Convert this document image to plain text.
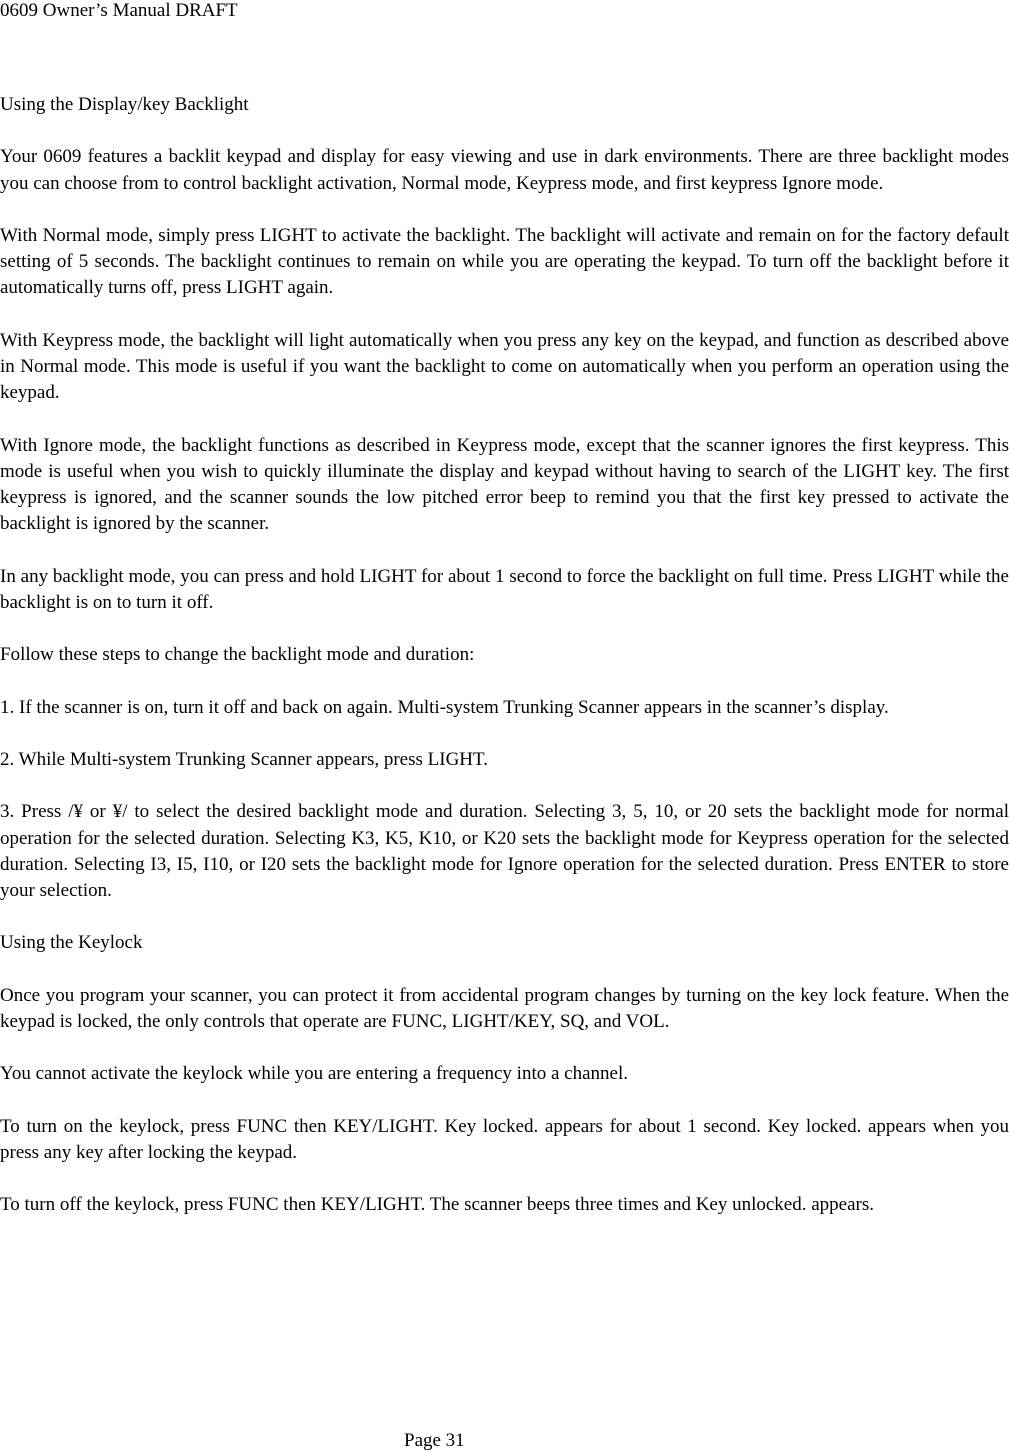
0609 Owner’s Manual DRAFT
Using the Display/key Backlight

Your 0609 features a backlit keypad and display for easy viewing and use in dark environments. There are three backlight modes you can choose from to control backlight activation, Normal mode, Keypress mode, and first keypress Ignore mode.

With Normal mode, simply press LIGHT to activate the backlight. The backlight will activate and remain on for the factory default setting of 5 seconds. The backlight continues to remain on while you are operating the keypad. To turn off the backlight before it automatically turns off, press LIGHT again.

With Keypress mode, the backlight will light automatically when you press any key on the keypad, and function as described above in Normal mode. This mode is useful if you want the backlight to come on automatically when you perform an operation using the keypad.

With Ignore mode, the backlight functions as described in Keypress mode, except that the scanner ignores the first keypress. This mode is useful when you wish to quickly illuminate the display and keypad without having to search of the LIGHT key. The first keypress is ignored, and the scanner sounds the low pitched error beep to remind you that the first key pressed to activate the backlight is ignored by the scanner.

In any backlight mode, you can press and hold LIGHT for about 1 second to force the backlight on full time. Press LIGHT while the backlight is on to turn it off.

Follow these steps to change the backlight mode and duration:

1. If the scanner is on, turn it off and back on again. Multi-system Trunking Scanner appears in the scanner’s display.

2. While Multi-system Trunking Scanner appears, press LIGHT.

3. Press /¥ or ¥/ to select the desired backlight mode and duration. Selecting 3, 5, 10, or 20 sets the backlight mode for normal operation for the selected duration. Selecting K3, K5, K10, or K20 sets the backlight mode for Keypress operation for the selected duration. Selecting I3, I5, I10, or I20 sets the backlight mode for Ignore operation for the selected duration. Press ENTER to store your selection.

Using the Keylock

Once you program your scanner, you can protect it from accidental program changes by turning on the key lock feature. When the keypad is locked, the only controls that operate are FUNC, LIGHT/KEY, SQ, and VOL.

You cannot activate the keylock while you are entering a frequency into a channel.

To turn on the keylock, press FUNC then KEY/LIGHT. Key locked. appears for about 1 second. Key locked. appears when you press any key after locking the keypad.

To turn off the keylock, press FUNC then KEY/LIGHT. The scanner beeps three times and Key unlocked. appears.

Page 31
